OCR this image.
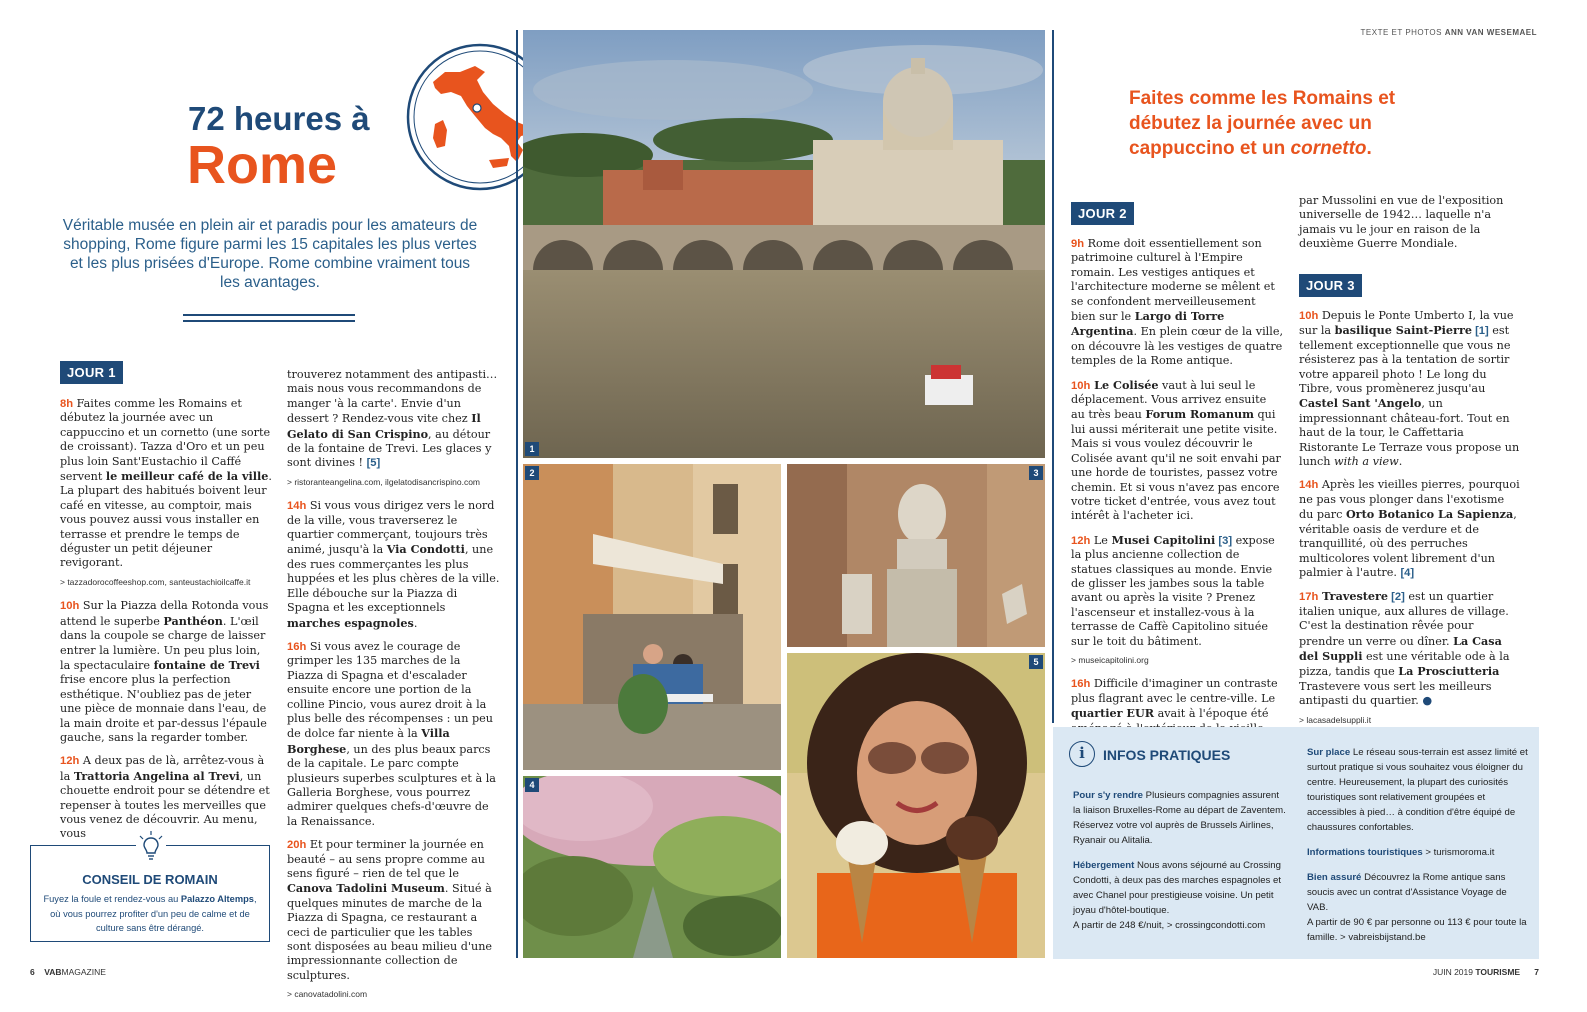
TEXTE ET PHOTOS ANN VAN WESEMAEL
72 heures à
Rome
Véritable musée en plein air et paradis pour les amateurs de shopping, Rome figure parmi les 15 capitales les plus vertes et les plus prisées d'Europe. Rome combine vraiment tous les avantages.
JOUR 1

8h Faites comme les Romains et débutez la journée avec un cappuccino et un cornetto (une sorte de croissant). Tazza d'Oro et un peu plus loin Sant'Eustachio il Caffé servent le meilleur café de la ville. La plupart des habitués boivent leur café en vitesse, au comptoir, mais vous pouvez aussi vous installer en terrasse et prendre le temps de déguster un petit déjeuner revigorant.

> tazzadorocoffeeshop.com, santeustachioilcaffe.it

10h Sur la Piazza della Rotonda vous attend le superbe Panthéon. L'œil dans la coupole se charge de laisser entrer la lumière. Un peu plus loin, la spectaculaire fontaine de Trevi frise encore plus la perfection esthétique. N'oubliez pas de jeter une pièce de monnaie dans l'eau, de la main droite et par-dessus l'épaule gauche, sans la regarder tomber.

12h A deux pas de là, arrêtez-vous à la Trattoria Angelina al Trevi, un chouette endroit pour se détendre et repenser à toutes les merveilles que vous venez de découvrir. Au menu, vous

trouverez notamment des antipasti… mais nous vous recommandons de manger 'à la carte'. Envie d'un dessert ? Rendez-vous vite chez Il Gelato di San Crispino, au détour de la fontaine de Trevi. Les glaces y sont divines ! [5]

> ristoranteangelina.com, ilgelatodisancrispino.com

14h Si vous vous dirigez vers le nord de la ville, vous traverserez le quartier commerçant, toujours très animé, jusqu'à la Via Condotti, une des rues commerçantes les plus huppées et les plus chères de la ville. Elle débouche sur la Piazza di Spagna et les exceptionnels marches espagnoles.

16h Si vous avez le courage de grimper les 135 marches de la Piazza di Spagna et d'escalader ensuite encore une portion de la colline Pincio, vous aurez droit à la plus belle des récompenses : un peu de dolce far niente à la Villa Borghese, un des plus beaux parcs de la capitale. Le parc compte plusieurs superbes sculptures et à la Galleria Borghese, vous pourrez admirer quelques chefs-d'œuvre de la Renaissance.

20h Et pour terminer la journée en beauté – au sens propre comme au sens figuré – rien de tel que le Canova Tadolini Museum. Situé à quelques minutes de marche de la Piazza di Spagna, ce restaurant a ceci de particulier que les tables sont disposées au beau milieu d'une impressionnante collection de sculptures.

> canovatadolini.com
CONSEIL DE ROMAIN
Fuyez la foule et rendez-vous au Palazzo Altemps, où vous pourrez profiter d'un peu de calme et de culture sans être dérangé.
1
2	3
4
5
Faites comme les Romains et débutez la journée avec un cappuccino et un cornetto.
JOUR 2

9h Rome doit essentiellement son patrimoine culturel à l'Empire romain. Les vestiges antiques et l'architecture moderne se mêlent et se confondent merveilleusement bien sur le Largo di Torre Argentina. En plein cœur de la ville, on découvre là les vestiges de quatre temples de la Rome antique.

10h Le Colisée vaut à lui seul le déplacement. Vous arrivez ensuite au très beau Forum Romanum qui lui aussi mériterait une petite visite. Mais si vous voulez découvrir le Colisée avant qu'il ne soit envahi par une horde de touristes, passez votre chemin. Et si vous n'avez pas encore votre ticket d'entrée, vous avez tout intérêt à l'acheter ici.

12h Le Musei Capitolini [3] expose la plus ancienne collection de statues classiques au monde. Envie de glisser les jambes sous la table avant ou après la visite ? Prenez l'ascenseur et installez-vous à la terrasse de Caffè Capitolino située sur le toit du bâtiment.

> museicapitolini.org

16h Difficile d'imaginer un contraste plus flagrant avec le centre-ville. Le quartier EUR avait à l'époque été

par Mussolini en vue de l'exposition universelle de 1942… laquelle n'a jamais vu le jour en raison de la deuxième Guerre Mondiale.

JOUR 3

10h Depuis le Ponte Umberto I, la vue sur la basilique Saint-Pierre [1] est tellement exceptionnelle que vous ne résisterez pas à la tentation de sortir votre appareil photo ! Le long du Tibre, vous promènerez jusqu'au Castel Sant 'Angelo, un impressionnant château-fort. Tout en haut de la tour, le Caffettaria Ristorante Le Terraze vous propose un lunch with a view.

14h Après les vieilles pierres, pourquoi ne pas vous plonger dans l'exotisme du parc Orto Botanico La Sapienza, véritable oasis de verdure et de tranquillité, où des perruches multicolores volent librement d'un palmier à l'autre. [4]

17h Travestere [2] est un quartier italien unique, aux allures de village. C'est la destination rêvée pour prendre un verre ou dîner. La Casa del Suppli est une véritable ode à la pizza, tandis que La Prosciutteria Trastevere vous sert les meilleurs antipasti du quartier. ●

> lacasadelsuppli.it
i	INFOS PRATIQUES

Pour s'y rendre Plusieurs compagnies assurent la liaison Bruxelles-Rome au départ de Zaventem. Réservez votre vol auprès de Brussels Airlines, Ryanair ou Alitalia.

Hébergement Nous avons séjourné au Crossing Condotti, à deux pas des marches espagnoles et avec Chanel pour prestigieuse voisine. Un petit joyau d'hôtel-boutique.

A partir de 248 €/nuit, > crossingcondotti.com

Sur place Le réseau sous-terrain est assez limité et surtout pratique si vous souhaitez vous éloigner du centre. Heureusement, la plupart des curiosités touristiques sont relativement groupées et accessibles à pied… à condition d'être équipé de chaussures confortables.

Informations touristiques > turismoroma.it

Bien assuré Découvrez la Rome antique sans soucis avec un contrat d'Assistance Voyage de VAB.

A partir de 90 € par personne ou 113 € pour toute la famille. > vabreisbijstand.be

6 VABMAGAZINE	JUIN 2019 TOURISME 7
